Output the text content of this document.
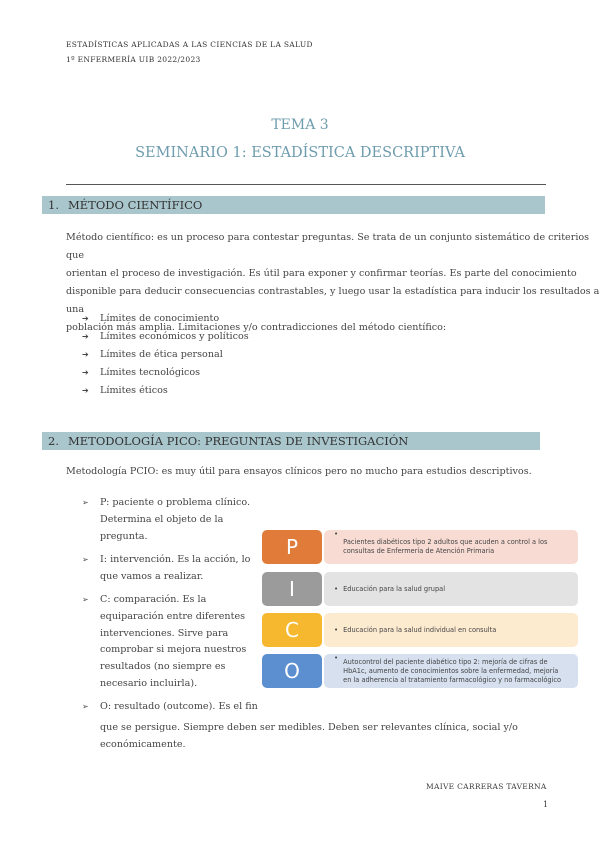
ESTADÍSTICAS APLICADAS A LAS CIENCIAS DE LA SALUD
1º ENFERMERÍA UIB 2022/2023
TEMA 3
SEMINARIO 1: ESTADÍSTICA DESCRIPTIVA
1. MÉTODO CIENTÍFICO
Método científico: es un proceso para contestar preguntas. Se trata de un conjunto sistemático de criterios que
orientan el proceso de investigación. Es útil para exponer y confirmar teorías. Es parte del conocimiento
disponible para deducir consecuencias contrastables, y luego usar la estadística para inducir los resultados a una
población más amplia. Limitaciones y/o contradicciones del método científico:
➔ Límites de conocimiento
➔ Límites económicos y políticos
➔ Límites de ética personal
➔ Límites tecnológicos
➔ Límites éticos
2. METODOLOGÍA PICO: PREGUNTAS DE INVESTIGACIÓN
Metodología PCIO: es muy útil para ensayos clínicos pero no mucho para estudios descriptivos.
➢ P: paciente o problema clínico.
Determina el objeto de la
pregunta.
➢ I: intervención. Es la acción, lo
que vamos a realizar.
➢ C: comparación. Es la
equiparación entre diferentes
intervenciones. Sirve para
comprobar si mejora nuestros
resultados (no siempre es
necesario incluirla).
➢ O: resultado (outcome). Es el fin
que se persigue. Siempre deben ser medibles. Deben ser relevantes clínica, social y/o económicamente.
P
•
Pacientes diabéticos tipo 2 adultos que acuden a control a los
consultas de Enfermería de Atención Primaria
I	• Educación para la salud grupal
C	• Educación para la salud individual en consulta
O
• Autocontrol del paciente diabético tipo 2: mejoría de cifras de
HbA1c, aumento de conocimientos sobre la enfermedad, mejoría
en la adherencia al tratamiento farmacológico y no farmacológico
MAIVE CARRERAS TAVERNA
1
